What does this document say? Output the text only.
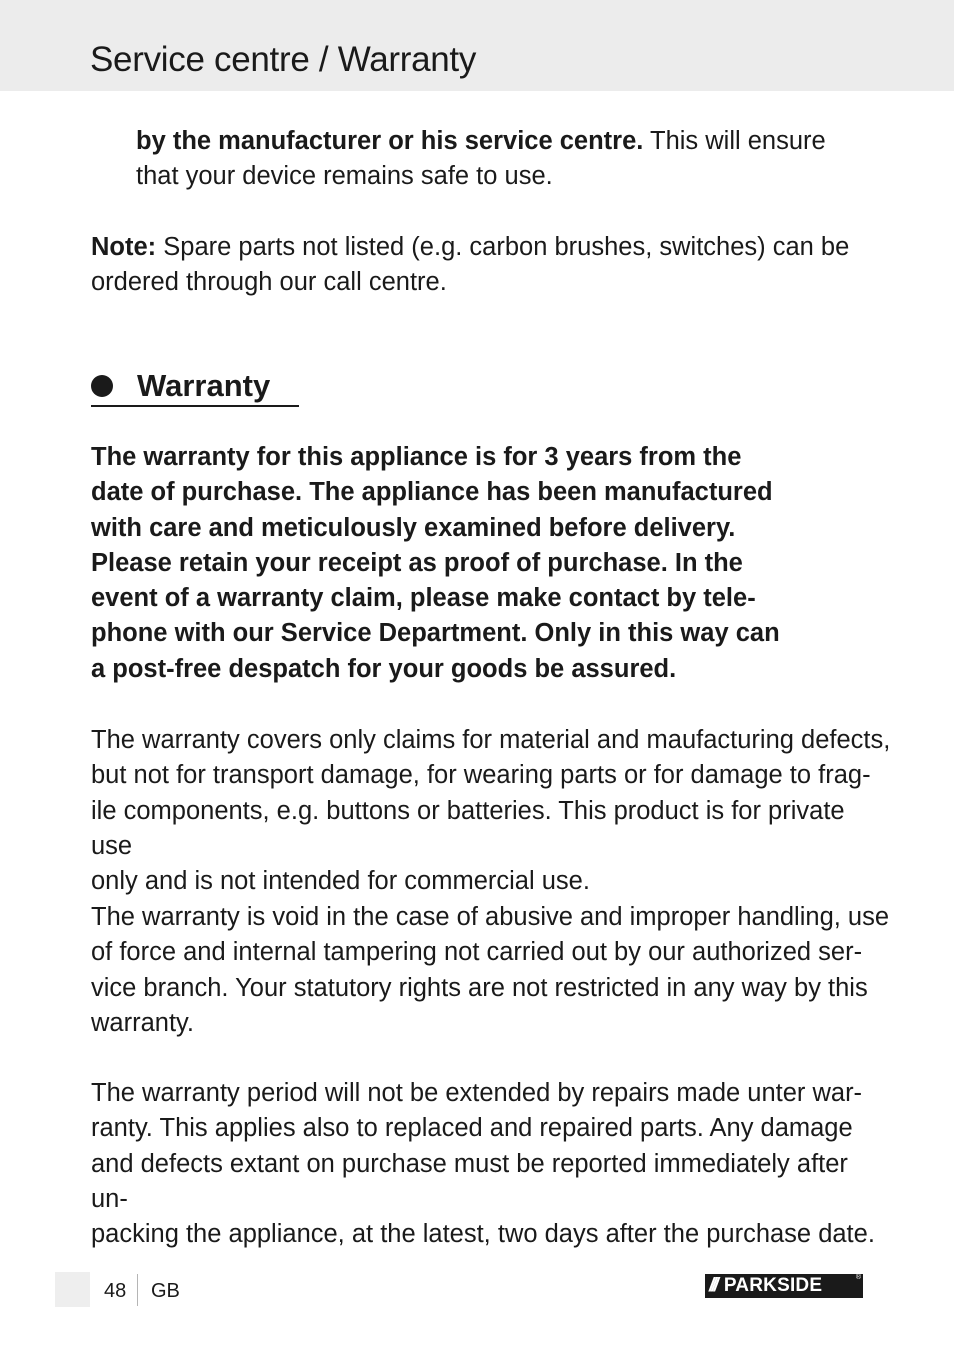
Service centre / Warranty

by the manufacturer or his service centre. This will ensure
that your device remains safe to use.

Note: Spare parts not listed (e.g. carbon brushes, switches) can be
ordered through our call centre.

Warranty

The warranty for this appliance is for 3 years from the
date of purchase. The appliance has been manufactured
with care and meticulously examined before delivery.
Please retain your receipt as proof of purchase. In the
event of a warranty claim, please make contact by tele-
phone with our Service Department. Only in this way can
a post-free despatch for your goods be assured.

The warranty covers only claims for material and maufacturing defects,
but not for transport damage, for wearing parts or for damage to frag-
ile components, e.g. buttons or batteries. This product is for private use
only and is not intended for commercial use.

The warranty is void in the case of abusive and improper handling, use
of force and internal tampering not carried out by our authorized ser-
vice branch. Your statutory rights are not restricted in any way by this
warranty.

The warranty period will not be extended by repairs made unter war-
ranty. This applies also to replaced and repaired parts. Any damage
and defects extant on purchase must be reported immediately after un-
packing the appliance, at the latest, two days after the purchase date.

48 GB	/// PARKSIDE	®
